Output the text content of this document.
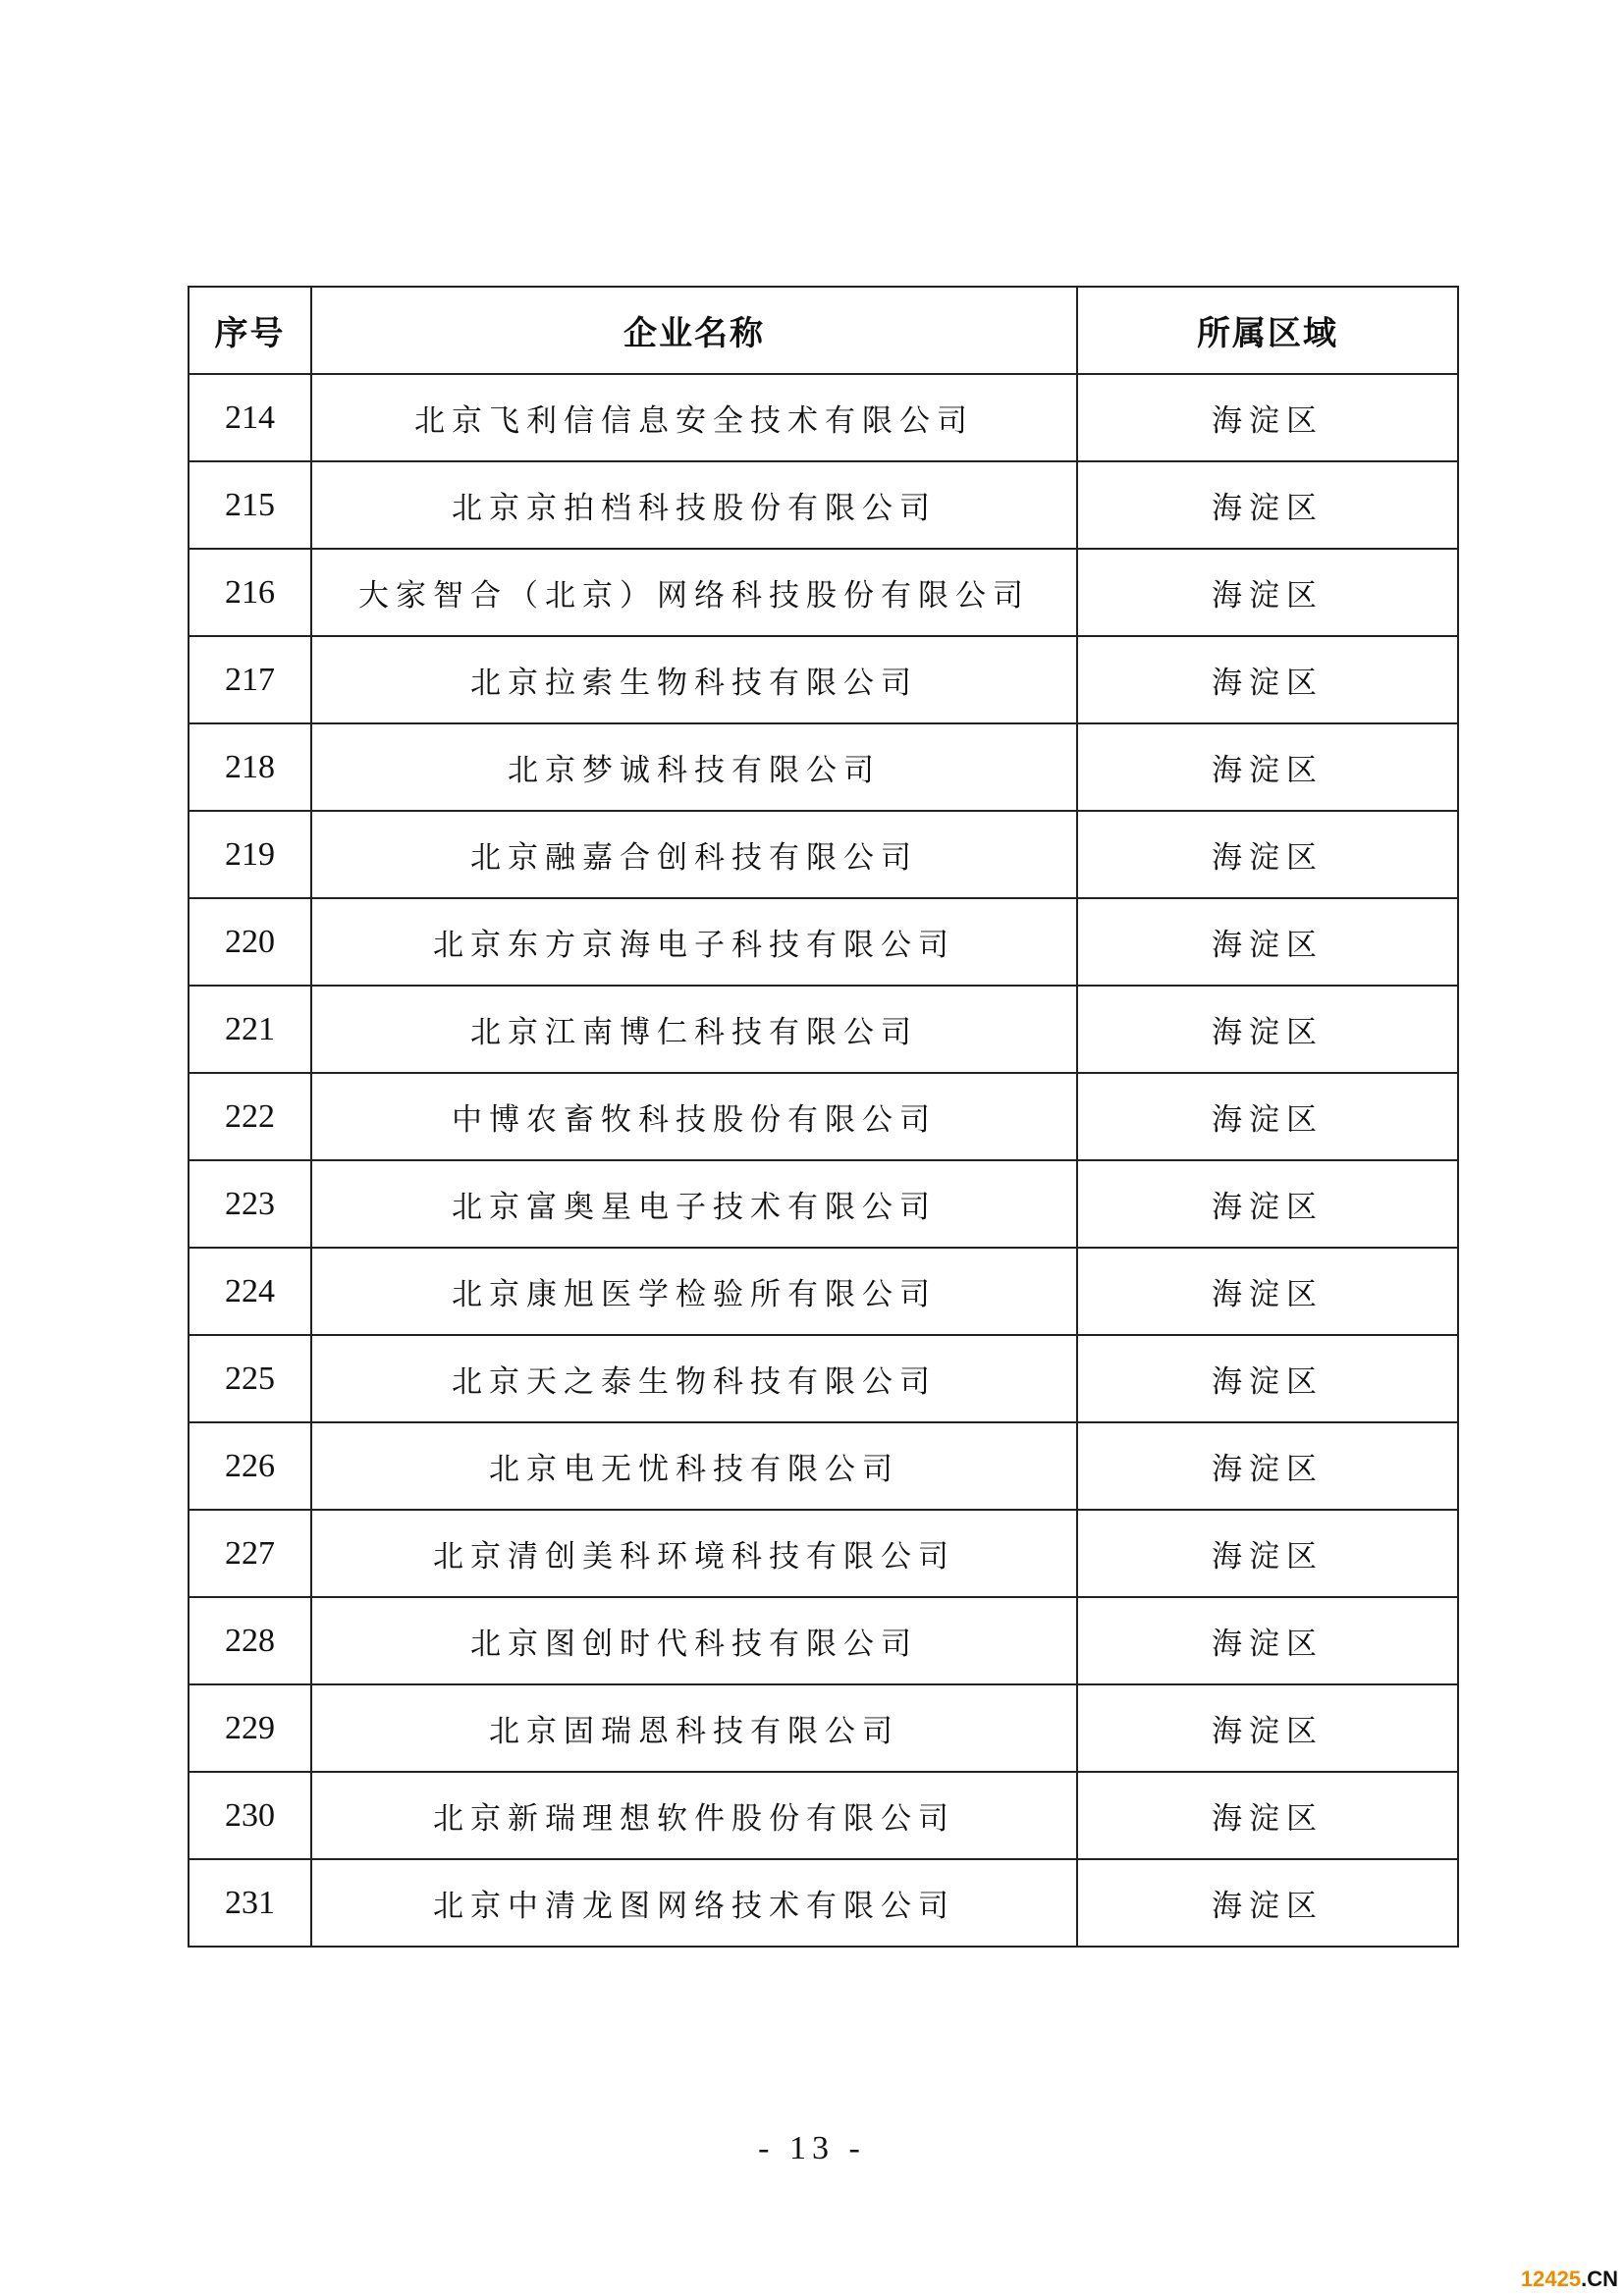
序号	企业名称	所属区域
214	北京飞利信信息安全技术有限公司	海淀区
215	北京京拍档科技股份有限公司	海淀区
216	大家智合（北京）网络科技股份有限公司	海淀区
217	北京拉索生物科技有限公司	海淀区
218	北京梦诚科技有限公司	海淀区
219	北京融嘉合创科技有限公司	海淀区
220	北京东方京海电子科技有限公司	海淀区
221	北京江南博仁科技有限公司	海淀区
222	中博农畜牧科技股份有限公司	海淀区
223	北京富奥星电子技术有限公司	海淀区
224	北京康旭医学检验所有限公司	海淀区
225	北京天之泰生物科技有限公司	海淀区
226	北京电无忧科技有限公司	海淀区
227	北京清创美科环境科技有限公司	海淀区
228	北京图创时代科技有限公司	海淀区
229	北京固瑞恩科技有限公司	海淀区
230	北京新瑞理想软件股份有限公司	海淀区
231	北京中清龙图网络技术有限公司	海淀区
- 13 -
12425.CN
